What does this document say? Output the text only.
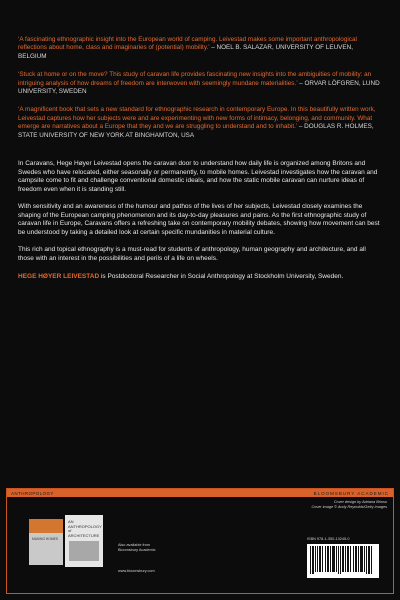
‘A fascinating ethnographic insight into the European world of camping. Leivestad makes some important anthropological reflections about home, class and imaginaries of (potential) mobility.’ – NOEL B. SALAZAR, UNIVERSITY OF LEUVEN, BELGIUM
‘Stuck at home or on the move? This study of caravan life provides fascinating new insights into the ambiguities of mobility: an intriguing analysis of how dreams of freedom are interwoven with seemingly mundane materialities.’ – ORVAR LÖFGREN, LUND UNIVERSITY, SWEDEN
‘A magnificent book that sets a new standard for ethnographic research in contemporary Europe. In this beautifully written work, Leivestad captures how her subjects were and are experimenting with new forms of intimacy, belonging, and community. What emerge are narratives about a Europe that they and we are struggling to understand and to inhabit.’ – DOUGLAS R. HOLMES, STATE UNIVERSITY OF NEW YORK AT BINGHAMTON, USA

In Caravans, Hege Høyer Leivestad opens the caravan door to understand how daily life is organized among Britons and Swedes who have relocated, either seasonally or permanently, to mobile homes. Leivestad investigates how the caravan and campsite come to fit and challenge conventional domestic ideals, and how the static mobile caravan can nurture ideas of freedom even when it is standing still.

With sensitivity and an awareness of the humour and pathos of the lives of her subjects, Leivestad closely examines the shaping of the European camping phenomenon and its day-to-day pleasures and pains. As the first ethnographic study of caravan life in Europe, Caravans offers a refreshing take on contemporary mobility debates, showing how movement can best be understood by taking a detailed look at certain specific mundanities in material culture.

This rich and topical ethnography is a must-read for students of anthropology, human geography and architecture, and all those with an interest in the possibilities and perils of a life on wheels.

HEGE HØYER LEIVESTAD is Postdoctoral Researcher in Social Anthropology at Stockholm University, Sweden.

ANTHROPOLOGY	BLOOMSBURY ACADEMIC
Cover design by Adriana Brioso
Cover image © Andy Reynolds/Getty Images
MAKING HOMES
AN
ANTHROPOLOGY
of ARCHITECTURE
Also available from
Bloomsbury Academic
www.bloomsbury.com
ISBN 978-1-350-13245-0
